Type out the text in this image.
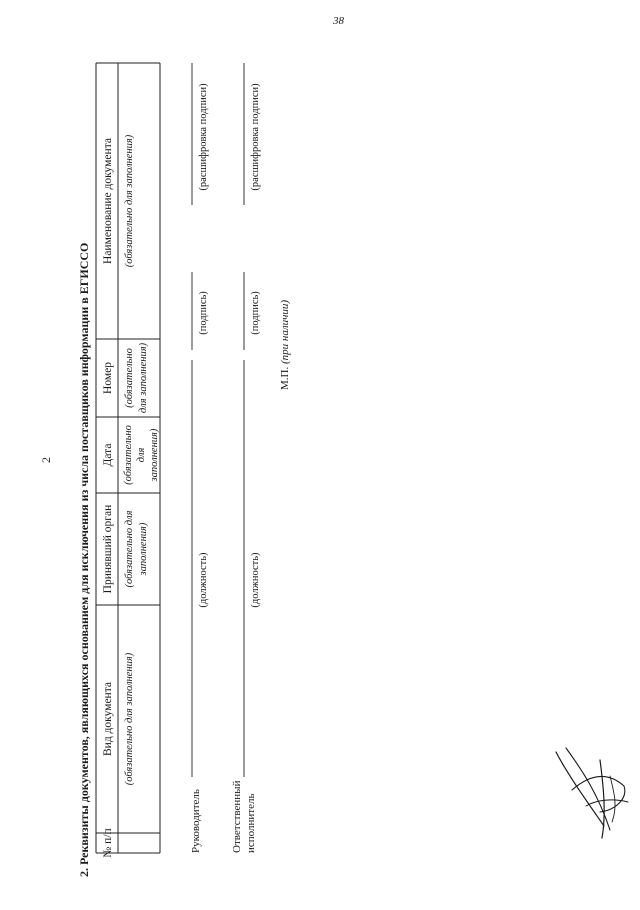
38
2 2. Реквизиты документов, являющихся основанием для исключения из числа поставщиков информации в ЕГИССО № п/п
Вид документа
Принявший орган
Дата
Номер
Наименование документа
(обязательно для заполнения)
(обязательно для заполнения)
(обязательно для заполнения)
(обязательно для заполнения)
(обязательно для заполнения)
Руководитель
(должность)
(подпись)
(расшифровка подписи)
Ответственный исполнитель
(должность)
(подпись)
(расшифровка подписи)
М.П. (при наличии)
